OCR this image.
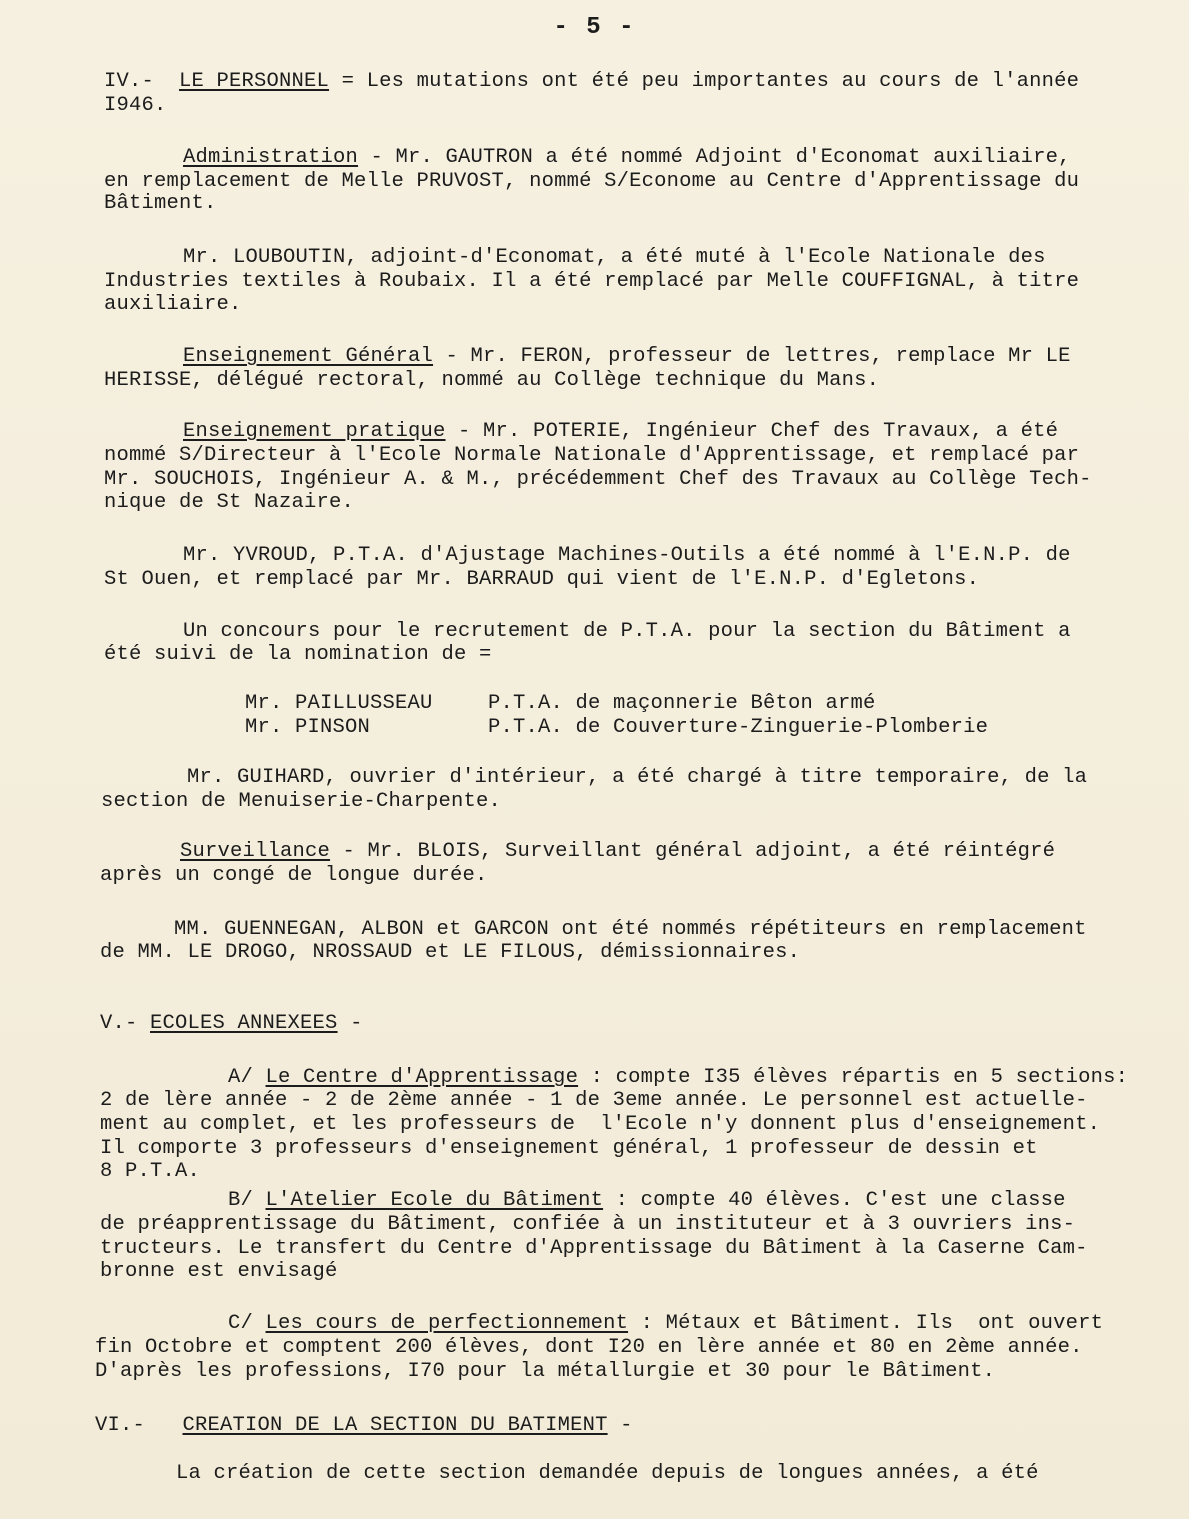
- 5 -
IV.- LE PERSONNEL = Les mutations ont été peu importantes au cours de l'année
I946.
Administration - Mr. GAUTRON a été nommé Adjoint d'Economat auxiliaire,
en remplacement de Melle PRUVOST, nommé S/Econome au Centre d'Apprentissage du
Bâtiment.
Mr. LOUBOUTIN, adjoint-d'Economat, a été muté à l'Ecole Nationale des
Industries textiles à Roubaix. Il a été remplacé par Melle COUFFIGNAL, à titre
auxiliaire.
Enseignement Général - Mr. FERON, professeur de lettres, remplace Mr LE
HERISSE, délégué rectoral, nommé au Collège technique du Mans.
Enseignement pratique - Mr. POTERIE, Ingénieur Chef des Travaux, a été
nommé S/Directeur à l'Ecole Normale Nationale d'Apprentissage, et remplacé par
Mr. SOUCHOIS, Ingénieur A. & M., précédemment Chef des Travaux au Collège Tech-
nique de St Nazaire.
Mr. YVROUD, P.T.A. d'Ajustage Machines-Outils a été nommé à l'E.N.P. de
St Ouen, et remplacé par Mr. BARRAUD qui vient de l'E.N.P. d'Egletons.
Un concours pour le recrutement de P.T.A. pour la section du Bâtiment a
été suivi de la nomination de =
Mr. PAILLUSSEAU	P.T.A. de maçonnerie Bêton armé
Mr. PINSON	P.T.A. de Couverture-Zinguerie-Plomberie
Mr. GUIHARD, ouvrier d'intérieur, a été chargé à titre temporaire, de la
section de Menuiserie-Charpente.
Surveillance - Mr. BLOIS, Surveillant général adjoint, a été réintégré
après un congé de longue durée.
MM. GUENNEGAN, ALBON et GARCON ont été nommés répétiteurs en remplacement
de MM. LE DROGO, NROSSAUD et LE FILOUS, démissionnaires.
V.- ECOLES ANNEXEES -
A/ Le Centre d'Apprentissage : compte I35 élèves répartis en 5 sections:
2 de lère année - 2 de 2ème année - 1 de 3eme année. Le personnel est actuelle-
ment au complet, et les professeurs de  l'Ecole n'y donnent plus d'enseignement.
Il comporte 3 professeurs d'enseignement général, 1 professeur de dessin et
8 P.T.A.
B/ L'Atelier Ecole du Bâtiment : compte 40 élèves. C'est une classe
de préapprentissage du Bâtiment, confiée à un instituteur et à 3 ouvriers ins-
tructeurs. Le transfert du Centre d'Apprentissage du Bâtiment à la Caserne Cam-
bronne est envisagé
C/ Les cours de perfectionnement : Métaux et Bâtiment. Ils  ont ouvert
fin Octobre et comptent 200 élèves, dont I20 en lère année et 80 en 2ème année.
D'après les professions, I70 pour la métallurgie et 30 pour le Bâtiment.
VI.- CREATION DE LA SECTION DU BATIMENT -
La création de cette section demandée depuis de longues années, a été
